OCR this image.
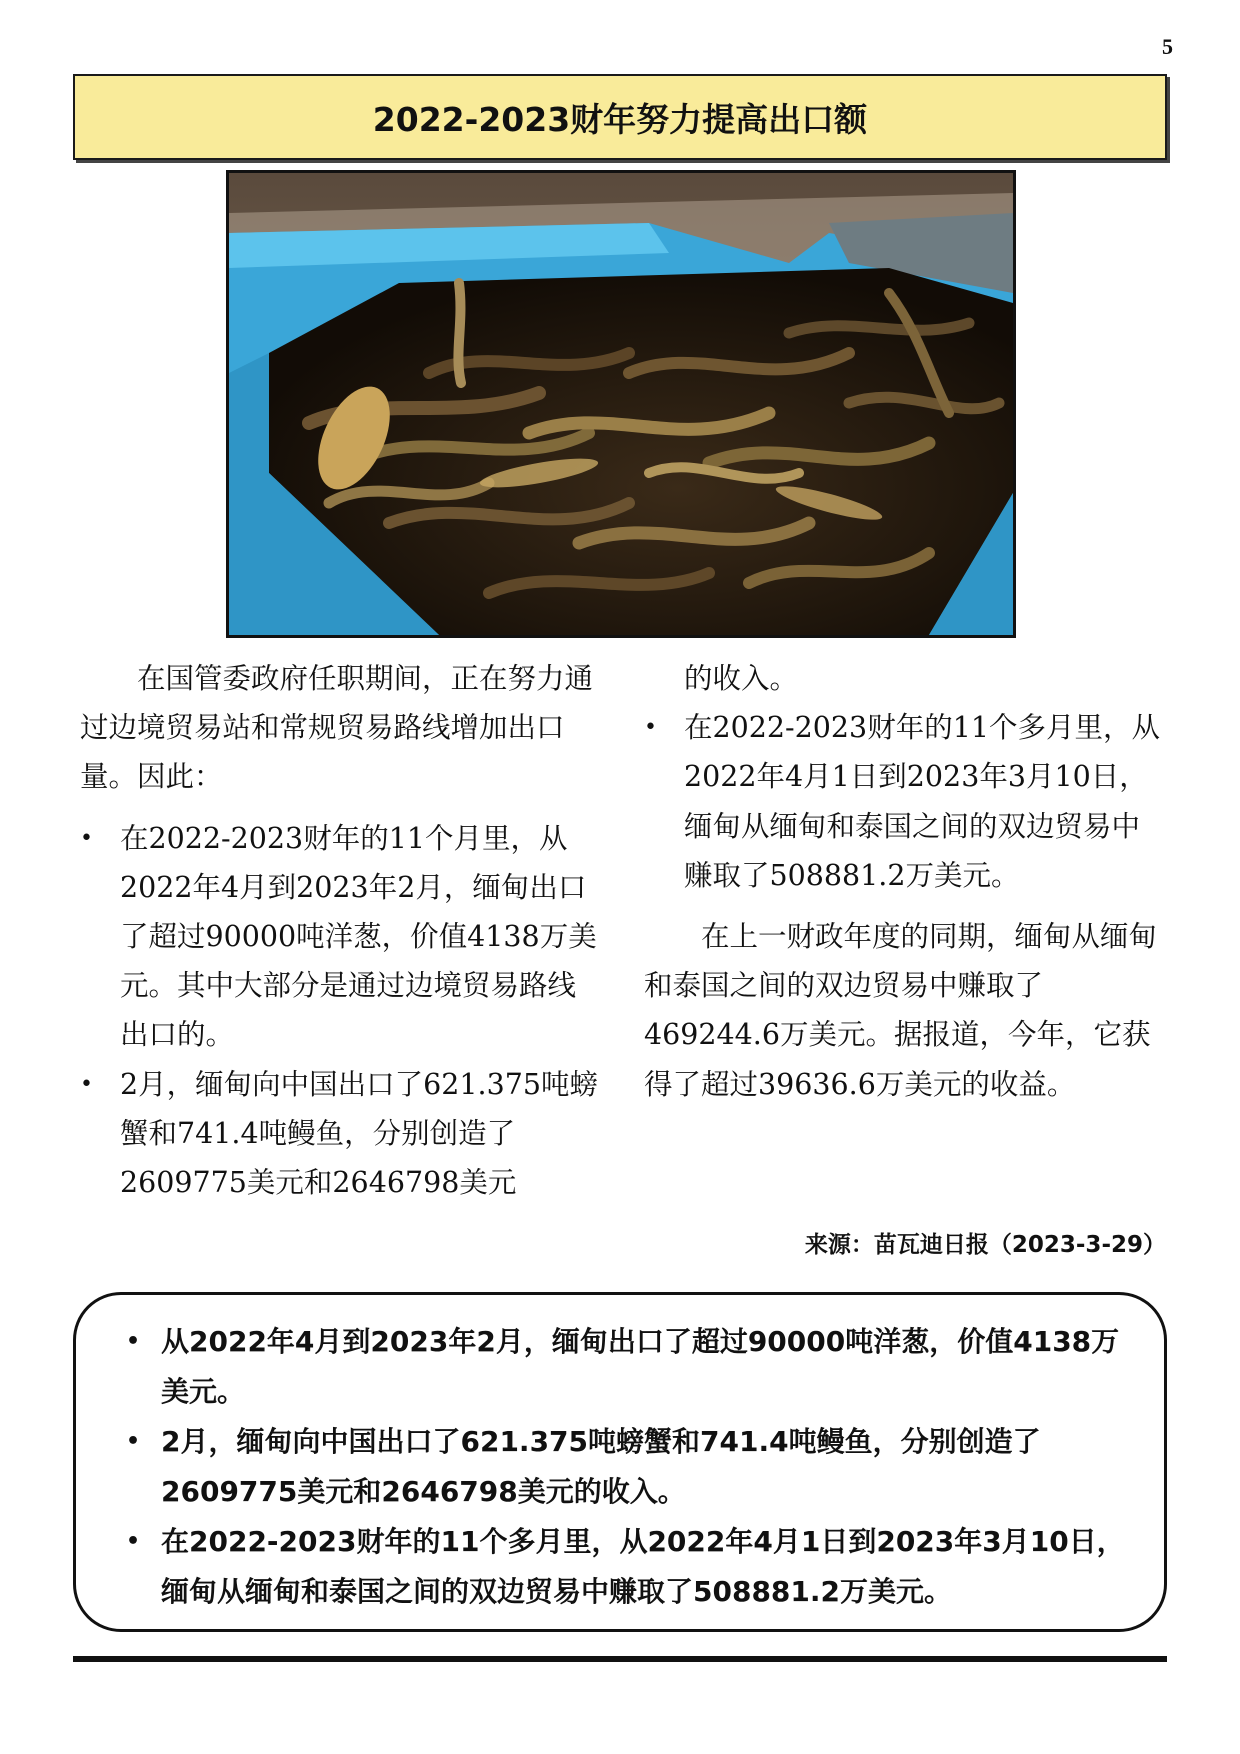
5
2022-2023财年努力提高出口额

在国管委政府任职期间，正在努力通过边境贸易站和常规贸易路线增加出口量。因此：

• 在2022-2023财年的11个月里，从2022年4月到2023年2月，缅甸出口了超过90000吨洋葱，价值4138万美元。其中大部分是通过边境贸易路线出口的。

• 2月，缅甸向中国出口了621.375吨螃蟹和741.4吨鳗鱼，分别创造了2609775美元和2646798美元

的收入。

• 在2022-2023财年的11个多月里，从2022年4月1日到2023年3月10日，缅甸从缅甸和泰国之间的双边贸易中赚取了508881.2万美元。

在上一财政年度的同期，缅甸从缅甸和泰国之间的双边贸易中赚取了469244.6万美元。据报道，今年，它获得了超过39636.6万美元的收益。

来源：苗瓦迪日报（2023-3-29）
• 从2022年4月到2023年2月，缅甸出口了超过90000吨洋葱，价值4138万美元。
• 2月，缅甸向中国出口了621.375吨螃蟹和741.4吨鳗鱼，分别创造了2609775美元和2646798美元的收入。
• 在2022-2023财年的11个多月里，从2022年4月1日到2023年3月10日，缅甸从缅甸和泰国之间的双边贸易中赚取了508881.2万美元。
